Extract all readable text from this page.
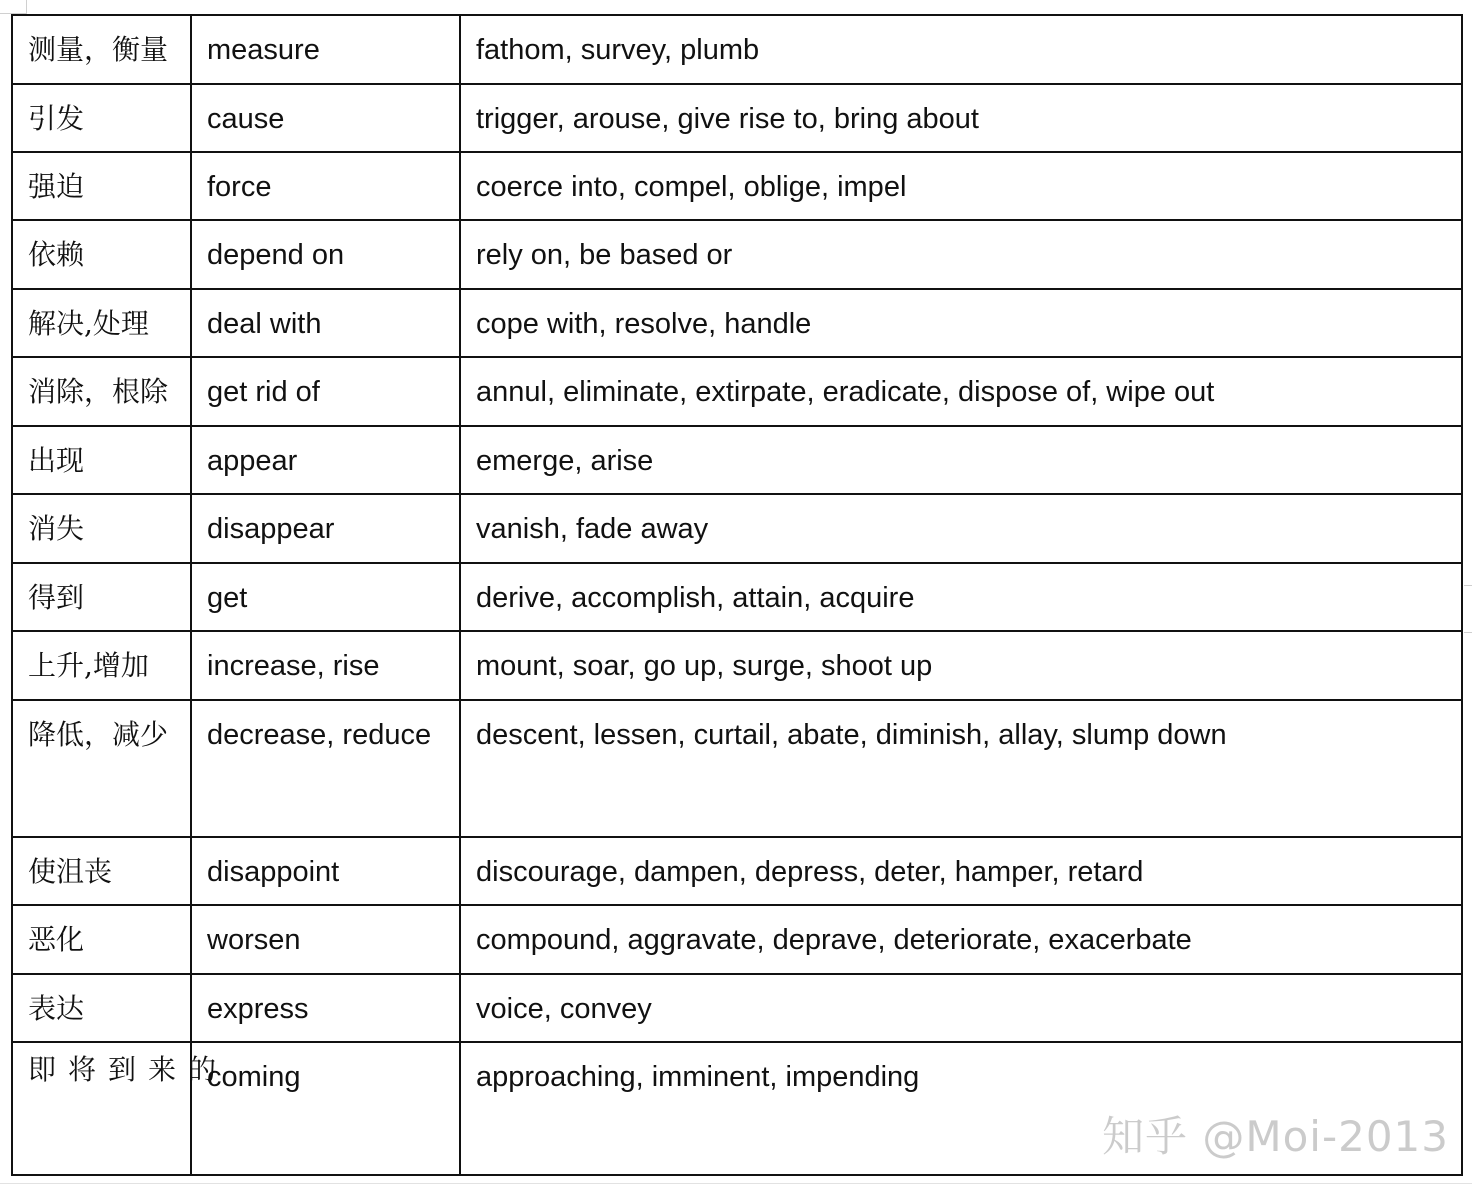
测量，衡量	measure	fathom, survey, plumb
引发	cause	trigger, arouse, give rise to, bring about
强迫	force	coerce into, compel, oblige, impel
依赖	depend on	rely on, be based or
解决,处理	deal with	cope with, resolve, handle
消除，根除	get rid of	annul, eliminate, extirpate, eradicate, dispose of, wipe out
出现	appear	emerge, arise
消失	disappear	vanish, fade away
得到	get	derive, accomplish, attain, acquire
上升,增加	increase, rise	mount, soar, go up, surge, shoot up
降低，减少	decrease, reduce	descent, lessen, curtail, abate, diminish, allay, slump down
使沮丧	disappoint	discourage, dampen, depress, deter, hamper, retard
恶化	worsen	compound, aggravate, deprave, deteriorate, exacerbate
表达	express	voice, convey
即将到来的	coming	approaching, imminent, impending
知乎 @Moi-2013
